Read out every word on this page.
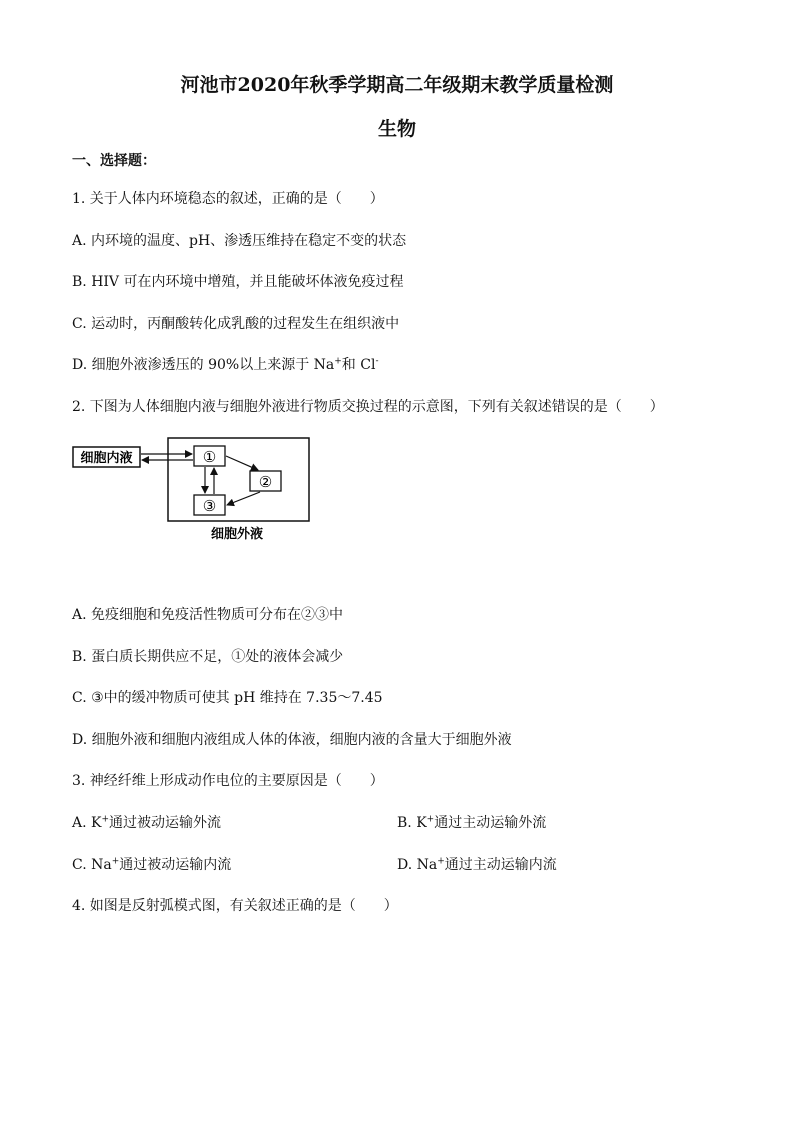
河池市2020年秋季学期高二年级期末教学质量检测
生物
一、选择题：
1. 关于人体内环境稳态的叙述，正确的是（　　）
A. 内环境的温度、pH、渗透压维持在稳定不变的状态
B. HIV 可在内环境中增殖，并且能破坏体液免疫过程
C. 运动时，丙酮酸转化成乳酸的过程发生在组织液中
D. 细胞外液渗透压的 90%以上来源于 Na+和 Cl-
2. 下图为人体细胞内液与细胞外液进行物质交换过程的示意图，下列有关叙述错误的是（　　）
细胞内液	①
②
③
细胞外液
A. 免疫细胞和免疫活性物质可分布在②③中
B. 蛋白质长期供应不足，①处的液体会减少
C. ③中的缓冲物质可使其 pH 维持在 7.35～7.45
D. 细胞外液和细胞内液组成人体的体液，细胞内液的含量大于细胞外液
3. 神经纤维上形成动作电位的主要原因是（　　）
A. K+通过被动运输外流	B. K+通过主动运输外流
C. Na+通过被动运输内流	D. Na+通过主动运输内流
4. 如图是反射弧模式图，有关叙述正确的是（　　）
